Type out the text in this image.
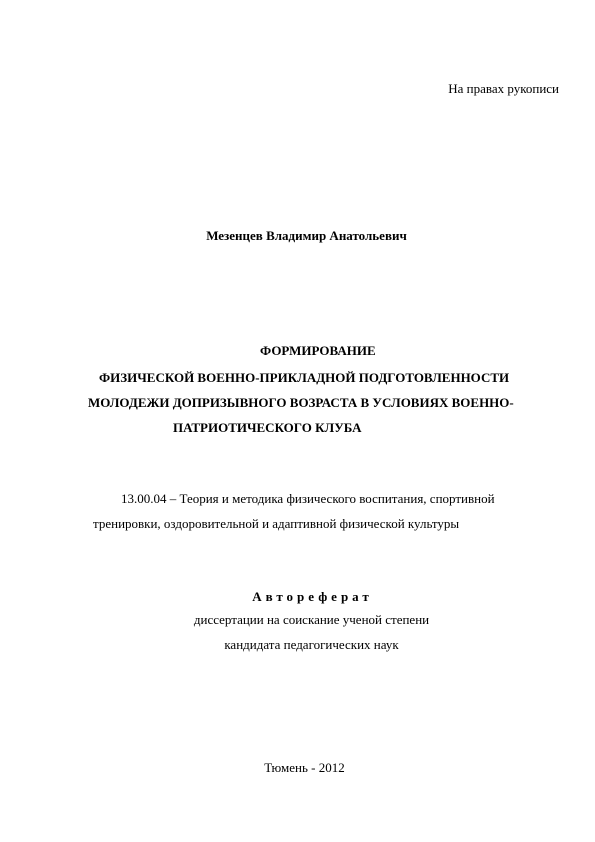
На правах рукописи
Мезенцев Владимир Анатольевич
ФОРМИРОВАНИЕ
ФИЗИЧЕСКОЙ ВОЕННО-ПРИКЛАДНОЙ ПОДГОТОВЛЕННОСТИ
МОЛОДЕЖИ ДОПРИЗЫВНОГО ВОЗРАСТА В УСЛОВИЯХ ВОЕННО-
ПАТРИОТИЧЕСКОГО КЛУБА
13.00.04 – Теория и методика физического воспитания, спортивной
тренировки, оздоровительной и адаптивной физической культуры
Автореферат
диссертации на соискание ученой степени
кандидата педагогических наук
Тюмень - 2012
